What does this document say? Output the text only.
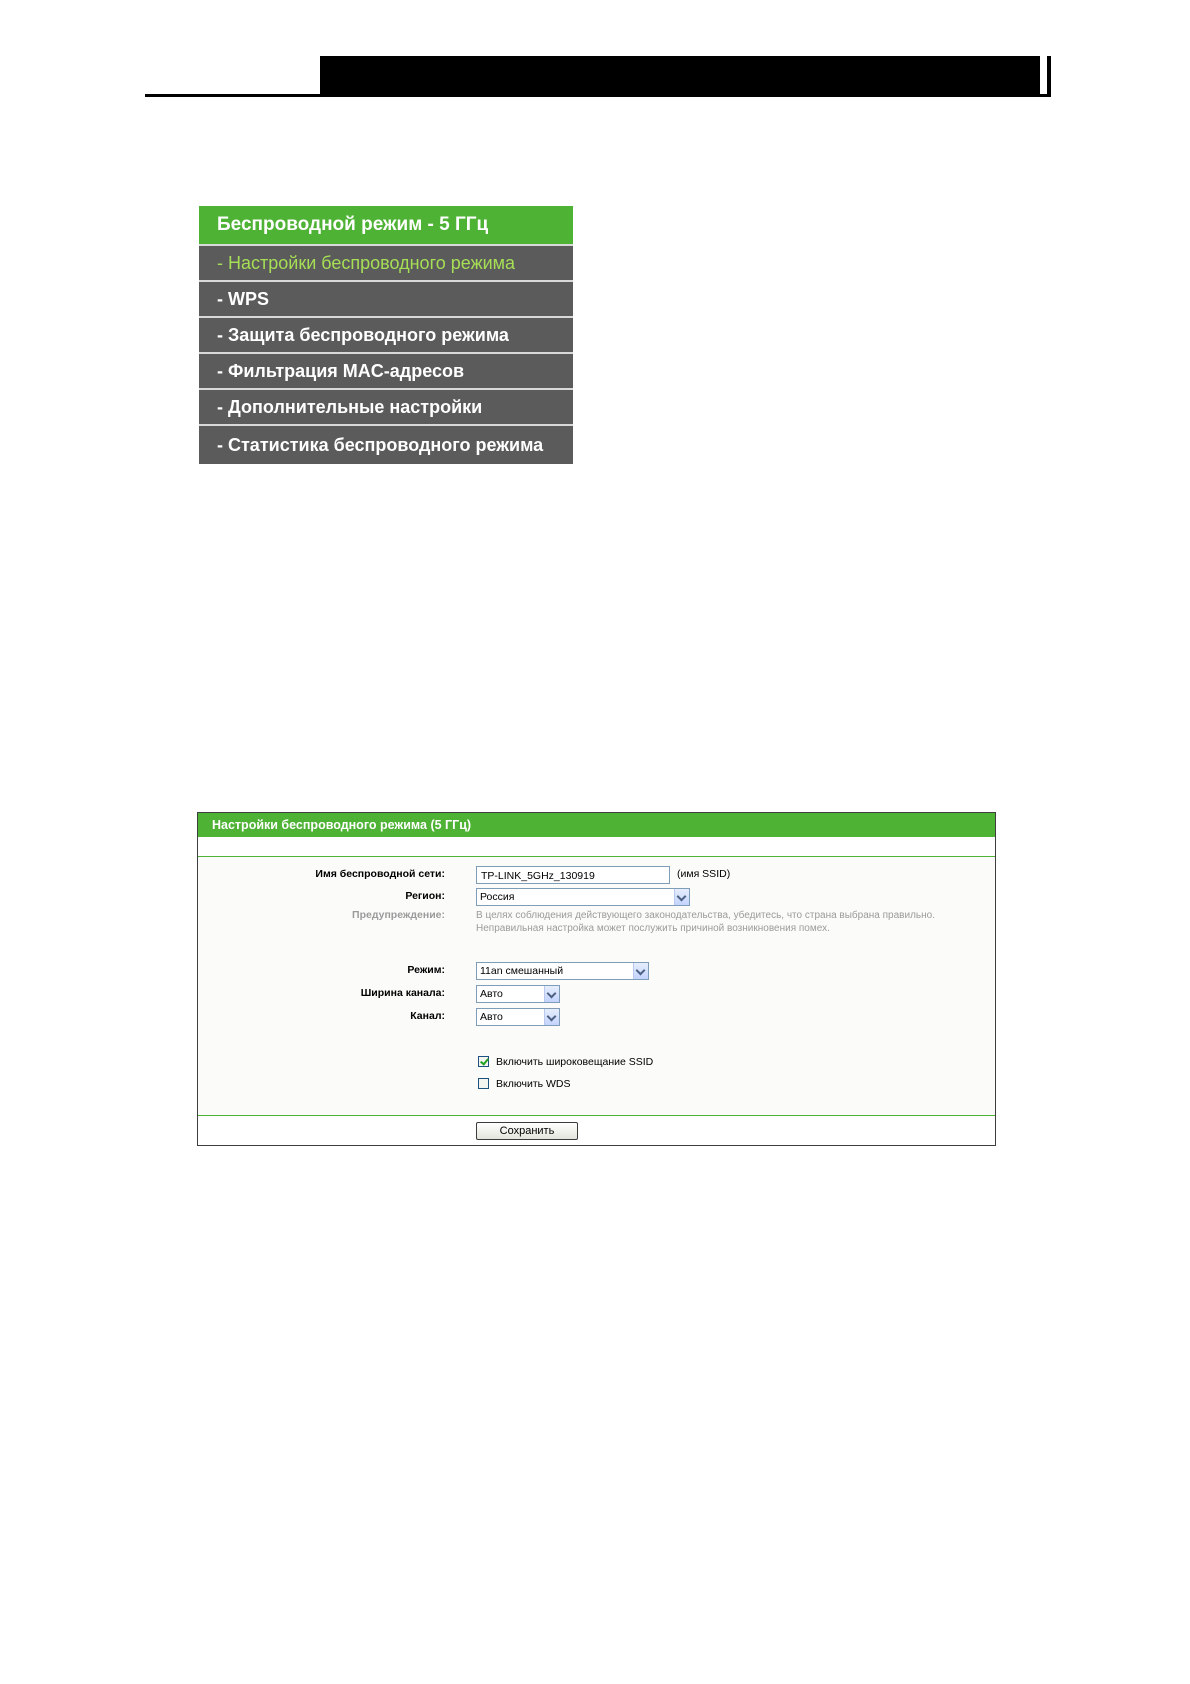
Беспроводной режим - 5 ГГц
- Настройки беспроводного режима
- WPS
- Защита беспроводного режима
- Фильтрация MAC-адресов
- Дополнительные настройки
- Статистика беспроводного режима
Настройки беспроводного режима (5 ГГц)
Имя беспроводной сети:	TP-LINK_5GHz_130919	(имя SSID)
Регион:	Россия
Предупреждение:	В целях соблюдения действующего законодательства, убедитесь, что страна выбрана правильно.
Неправильная настройка может послужить причиной возникновения помех.
Режим:	11an смешанный
Ширина канала:	Авто
Канал:	Авто
Включить широковещание SSID
Включить WDS
Сохранить
